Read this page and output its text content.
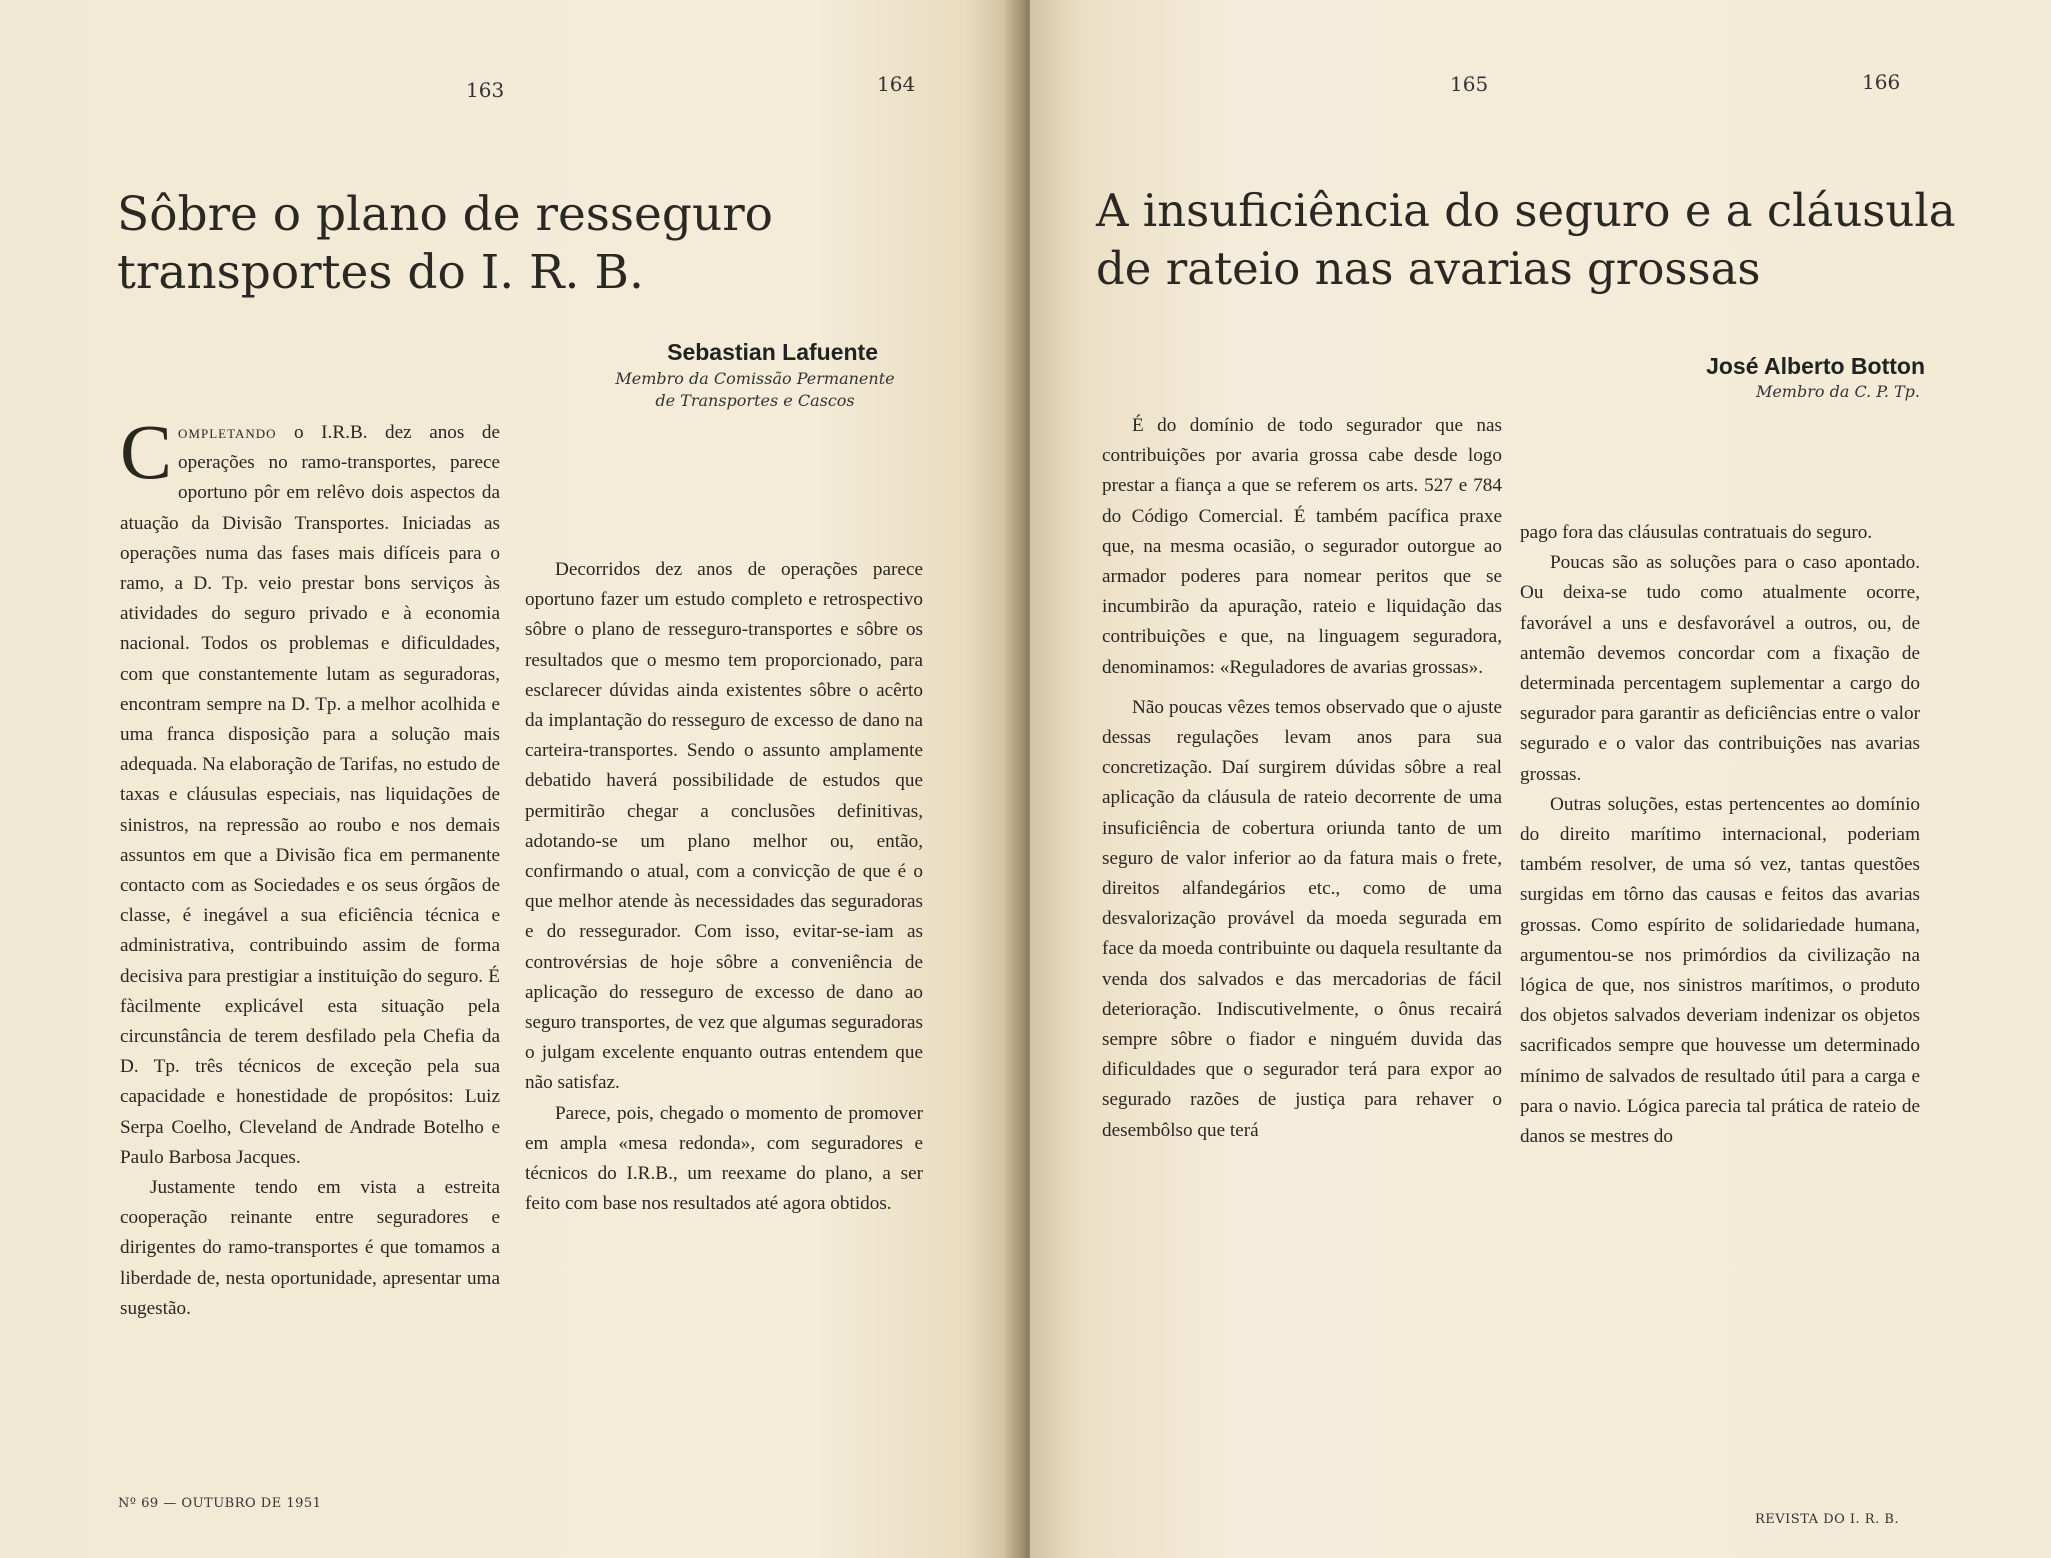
163	164
Sôbre o plano de resseguro
transportes do I. R. B.
Sebastian Lafuente
Membro da Comissão Permanente
de Transportes e Cascos

Completando o I.R.B. dez anos de operações no ramo-transportes, parece oportuno pôr em relêvo dois aspectos da atuação da Divisão Transportes. Iniciadas as operações numa das fases mais difíceis para o ramo, a D. Tp. veio prestar bons serviços às atividades do seguro privado e à economia nacional. Todos os problemas e dificuldades, com que constantemente lutam as seguradoras, encontram sempre na D. Tp. a melhor acolhida e uma franca disposição para a solução mais adequada. Na elaboração de Tarifas, no estudo de taxas e cláusulas especiais, nas liquidações de sinistros, na repressão ao roubo e nos demais assuntos em que a Divisão fica em permanente contacto com as Sociedades e os seus órgãos de classe, é inegável a sua eficiência técnica e administrativa, contribuindo assim de forma decisiva para prestigiar a instituição do seguro. É fàcilmente explicável esta situação pela circunstância de terem desfilado pela Chefia da D. Tp. três técnicos de exceção pela sua capacidade e honestidade de propósitos: Luiz Serpa Coelho, Cleveland de Andrade Botelho e Paulo Barbosa Jacques.

Justamente tendo em vista a estreita cooperação reinante entre seguradores e dirigentes do ramo-transportes é que tomamos a liberdade de, nesta oportunidade, apresentar uma sugestão.

Decorridos dez anos de operações parece oportuno fazer um estudo completo e retrospectivo sôbre o plano de resseguro-transportes e sôbre os resultados que o mesmo tem proporcionado, para esclarecer dúvidas ainda existentes sôbre o acêrto da implantação do resseguro de excesso de dano na carteira-transportes. Sendo o assunto amplamente debatido haverá possibilidade de estudos que permitirão chegar a conclusões definitivas, adotando-se um plano melhor ou, então, confirmando o atual, com a convicção de que é o que melhor atende às necessidades das seguradoras e do ressegurador. Com isso, evitar-se-iam as controvérsias de hoje sôbre a conveniência de aplicação do resseguro de excesso de dano ao seguro transportes, de vez que algumas seguradoras o julgam excelente enquanto outras entendem que não satisfaz.

Parece, pois, chegado o momento de promover em ampla «mesa redonda», com seguradores e técnicos do I.R.B., um reexame do plano, a ser feito com base nos resultados até agora obtidos.

Nº 69 — OUTUBRO DE 1951
165	166
A insuficiência do seguro e a cláusula
de rateio nas avarias grossas
José Alberto Botton
Membro da C. P. Tp.

É do domínio de todo segurador que nas contribuições por avaria grossa cabe desde logo prestar a fiança a que se referem os arts. 527 e 784 do Código Comercial. É também pacífica praxe que, na mesma ocasião, o segurador outorgue ao armador poderes para nomear peritos que se incumbirão da apuração, rateio e liquidação das contribuições e que, na linguagem seguradora, denominamos: «Reguladores de avarias grossas».

Não poucas vêzes temos observado que o ajuste dessas regulações levam anos para sua concretização. Daí surgirem dúvidas sôbre a real aplicação da cláusula de rateio decorrente de uma insuficiência de cobertura oriunda tanto de um seguro de valor inferior ao da fatura mais o frete, direitos alfandegários etc., como de uma desvalorização provável da moeda segurada em face da moeda contribuinte ou daquela resultante da venda dos salvados e das mercadorias de fácil deterioração. Indiscutivelmente, o ônus recairá sempre sôbre o fiador e ninguém duvida das dificuldades que o segurador terá para expor ao segurado razões de justiça para rehaver o desembôlso que terá

pago fora das cláusulas contratuais do seguro.

Poucas são as soluções para o caso apontado. Ou deixa-se tudo como atualmente ocorre, favorável a uns e desfavorável a outros, ou, de antemão devemos concordar com a fixação de determinada percentagem suplementar a cargo do segurador para garantir as deficiências entre o valor segurado e o valor das contribuições nas avarias grossas.

Outras soluções, estas pertencentes ao domínio do direito marítimo internacional, poderiam também resolver, de uma só vez, tantas questões surgidas em tôrno das causas e feitos das avarias grossas. Como espírito de solidariedade humana, argumentou-se nos primórdios da civilização na lógica de que, nos sinistros marítimos, o produto dos objetos salvados deveriam indenizar os objetos sacrificados sempre que houvesse um determinado mínimo de salvados de resultado útil para a carga e para o navio. Lógica parecia tal prática de rateio de danos se mestres do

REVISTA DO I. R. B.
